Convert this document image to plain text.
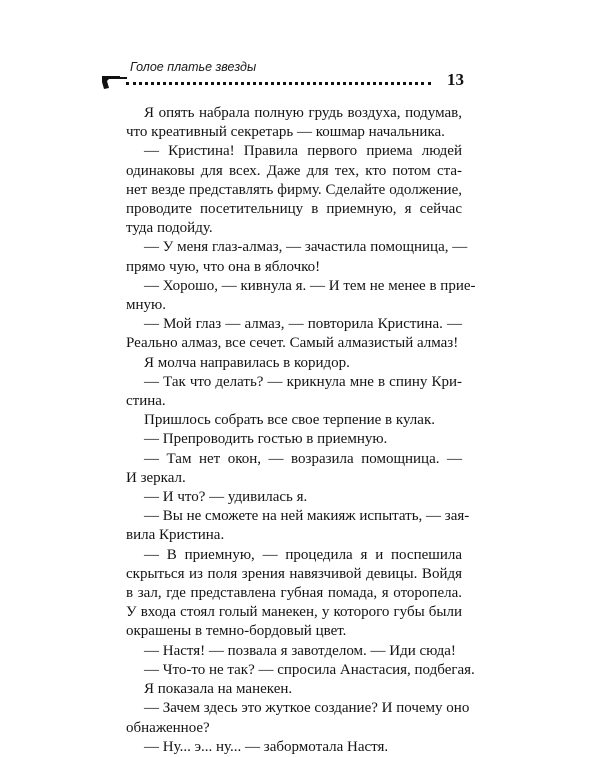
Голое платье звезды
13
Я опять набрала полную грудь воздуха, подумав,
что креативный секретарь — кошмар начальника.
— Кристина! Правила первого приема людей
одинаковы для всех. Даже для тех, кто потом ста-
нет везде представлять фирму. Сделайте одолжение,
проводите посетительницу в приемную, я сейчас
туда подойду.
— У меня глаз-алмаз, — зачастила помощница, —
прямо чую, что она в яблочко!
— Хорошо, — кивнула я. — И тем не менее в прие-
мную.
— Мой глаз — алмаз, — повторила Кристина. —
Реально алмаз, все сечет. Самый алмазистый алмаз!
Я молча направилась в коридор.
— Так что делать? — крикнула мне в спину Кри-
стина.
Пришлось собрать все свое терпение в кулак.
— Препроводить гостью в приемную.
— Там нет окон, — возразила помощница. —
И зеркал.
— И что? — удивилась я.
— Вы не сможете на ней макияж испытать, — зая-
вила Кристина.
— В приемную, — процедила я и поспешила
скрыться из поля зрения навязчивой девицы. Войдя
в зал, где представлена губная помада, я оторопела.
У входа стоял голый манекен, у которого губы были
окрашены в темно-бордовый цвет.
— Настя! — позвала я завотделом. — Иди сюда!
— Что-то не так? — спросила Анастасия, подбегая.
Я показала на манекен.
— Зачем здесь это жуткое создание? И почему оно
обнаженное?
— Ну... э... ну... — забормотала Настя.
